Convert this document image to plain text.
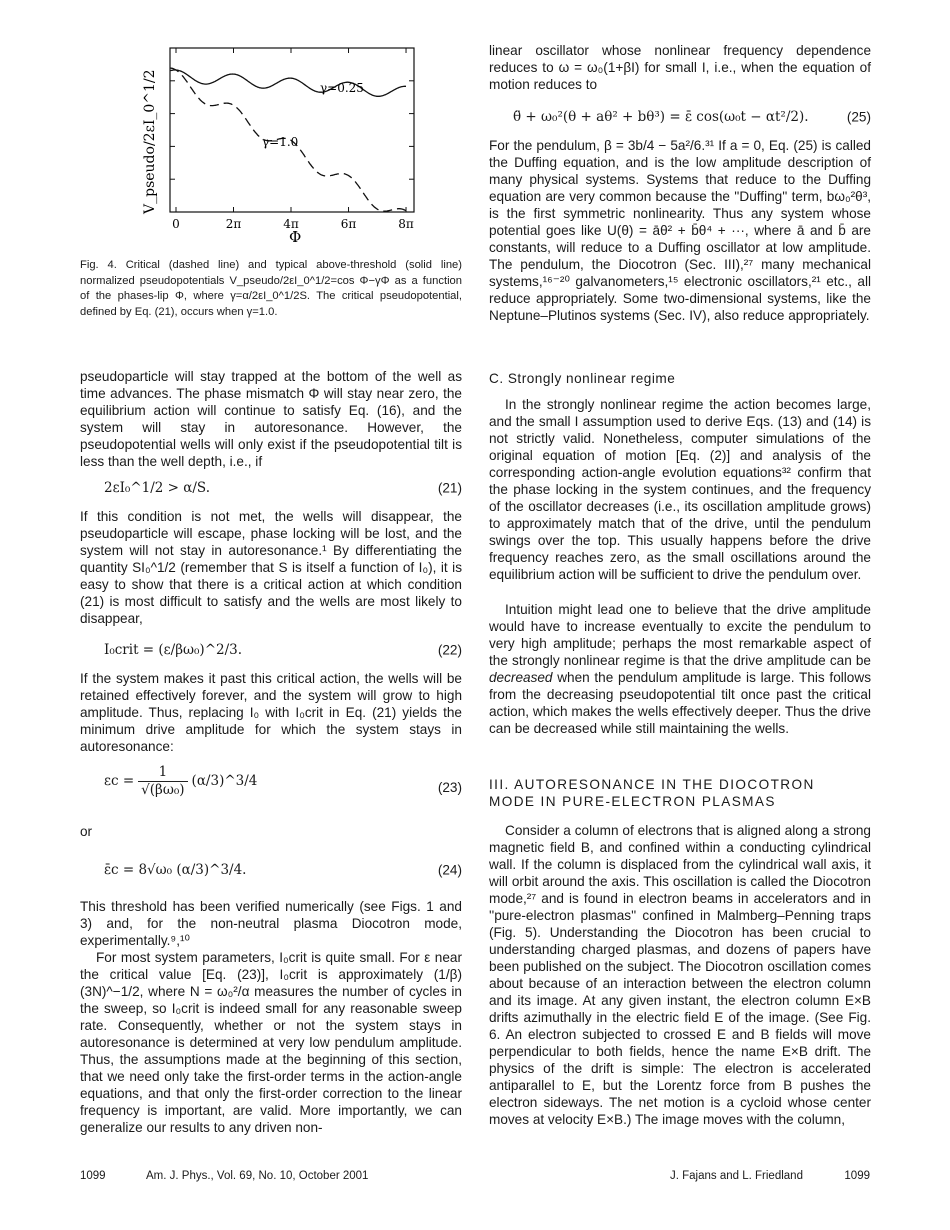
0	2π	4π	6π	8π
γ=0.25
γ=1.0
Φ
V_pseudo/2εI_0^1/2

Fig. 4. Critical (dashed line) and typical above-threshold (solid line) normalized pseudopotentials V_pseudo/2εI_0^1/2=cos Φ−γΦ as a function of the phases-lip Φ, where γ=α/2εI_0^1/2S. The critical pseudopotential, defined by Eq. (21), occurs when γ=1.0.

pseudoparticle will stay trapped at the bottom of the well as time advances. The phase mismatch Φ will stay near zero, the equilibrium action will continue to satisfy Eq. (16), and the system will stay in autoresonance. However, the pseudopotential wells will only exist if the pseudopotential tilt is less than the well depth, i.e., if

2εI₀^1/2 > α/S.	(21)

If this condition is not met, the wells will disappear, the pseudoparticle will escape, phase locking will be lost, and the system will not stay in autoresonance.¹ By differentiating the quantity SI₀^1/2 (remember that S is itself a function of I₀), it is easy to show that there is a critical action at which condition (21) is most difficult to satisfy and the wells are most likely to disappear,

I₀crit = (ε/βω₀)^2/3.	(22)

If the system makes it past this critical action, the wells will be retained effectively forever, and the system will grow to high amplitude. Thus, replacing I₀ with I₀crit in Eq. (21) yields the minimum drive amplitude for which the system stays in autoresonance:

$\varepsilon c = \frac{1}{\text{√(βω₀)}}$ (α/3)^3/4	(23)

or

ε̄c = 8√ω₀ (α/3)^3/4.	(24)

This threshold has been verified numerically (see Figs. 1 and 3) and, for the non-neutral plasma Diocotron mode, experimentally.⁹,¹⁰

For most system parameters, I₀crit is quite small. For ε near the critical value [Eq. (23)], I₀crit is approximately (1/β)(3N)^−1/2, where N = ω₀²/α measures the number of cycles in the sweep, so I₀crit is indeed small for any reasonable sweep rate. Consequently, whether or not the system stays in autoresonance is determined at very low pendulum amplitude. Thus, the assumptions made at the beginning of this section, that we need only take the first-order terms in the action-angle equations, and that only the first-order correction to the linear frequency is important, are valid. More importantly, we can generalize our results to any driven non-

linear oscillator whose nonlinear frequency dependence reduces to ω = ω₀(1+βI) for small I, i.e., when the equation of motion reduces to

θ̈ + ω₀²(θ + aθ² + bθ³) = ε̄ cos(ω₀t − αt²/2).	(25)

For the pendulum, β = 3b/4 − 5a²/6.³¹ If a = 0, Eq. (25) is called the Duffing equation, and is the low amplitude description of many physical systems. Systems that reduce to the Duffing equation are very common because the ''Duffing'' term, bω₀²θ³, is the first symmetric nonlinearity. Thus any system whose potential goes like U(θ) = āθ² + b̄θ⁴ + ···, where ā and b̄ are constants, will reduce to a Duffing oscillator at low amplitude. The pendulum, the Diocotron (Sec. III),²⁷ many mechanical systems,¹⁶⁻²⁰ galvanometers,¹⁵ electronic oscillators,²¹ etc., all reduce appropriately. Some two-dimensional systems, like the Neptune–Plutinos systems (Sec. IV), also reduce appropriately.

C. Strongly nonlinear regime

In the strongly nonlinear regime the action becomes large, and the small I assumption used to derive Eqs. (13) and (14) is not strictly valid. Nonetheless, computer simulations of the original equation of motion [Eq. (2)] and analysis of the corresponding action-angle evolution equations³² confirm that the phase locking in the system continues, and the frequency of the oscillator decreases (i.e., its oscillation amplitude grows) to approximately match that of the drive, until the pendulum swings over the top. This usually happens before the drive frequency reaches zero, as the small oscillations around the equilibrium action will be sufficient to drive the pendulum over.

Intuition might lead one to believe that the drive amplitude would have to increase eventually to excite the pendulum to very high amplitude; perhaps the most remarkable aspect of the strongly nonlinear regime is that the drive amplitude can be decreased when the pendulum amplitude is large. This follows from the decreasing pseudopotential tilt once past the critical action, which makes the wells effectively deeper. Thus the drive can be decreased while still maintaining the wells.

III. AUTORESONANCE IN THE DIOCOTRON
MODE IN PURE-ELECTRON PLASMAS

Consider a column of electrons that is aligned along a strong magnetic field B, and confined within a conducting cylindrical wall. If the column is displaced from the cylindrical wall axis, it will orbit around the axis. This oscillation is called the Diocotron mode,²⁷ and is found in electron beams in accelerators and in ''pure-electron plasmas'' confined in Malmberg–Penning traps (Fig. 5). Understanding the Diocotron has been crucial to understanding charged plasmas, and dozens of papers have been published on the subject. The Diocotron oscillation comes about because of an interaction between the electron column and its image. At any given instant, the electron column E×B drifts azimuthally in the electric field E of the image. (See Fig. 6. An electron subjected to crossed E and B fields will move perpendicular to both fields, hence the name E×B drift. The physics of the drift is simple: The electron is accelerated antiparallel to E, but the Lorentz force from B pushes the electron sideways. The net motion is a cycloid whose center moves at velocity E×B.) The image moves with the column,

1099	Am. J. Phys., Vol. 69, No. 10, October 2001	J. Fajans and L. Friedland	1099
